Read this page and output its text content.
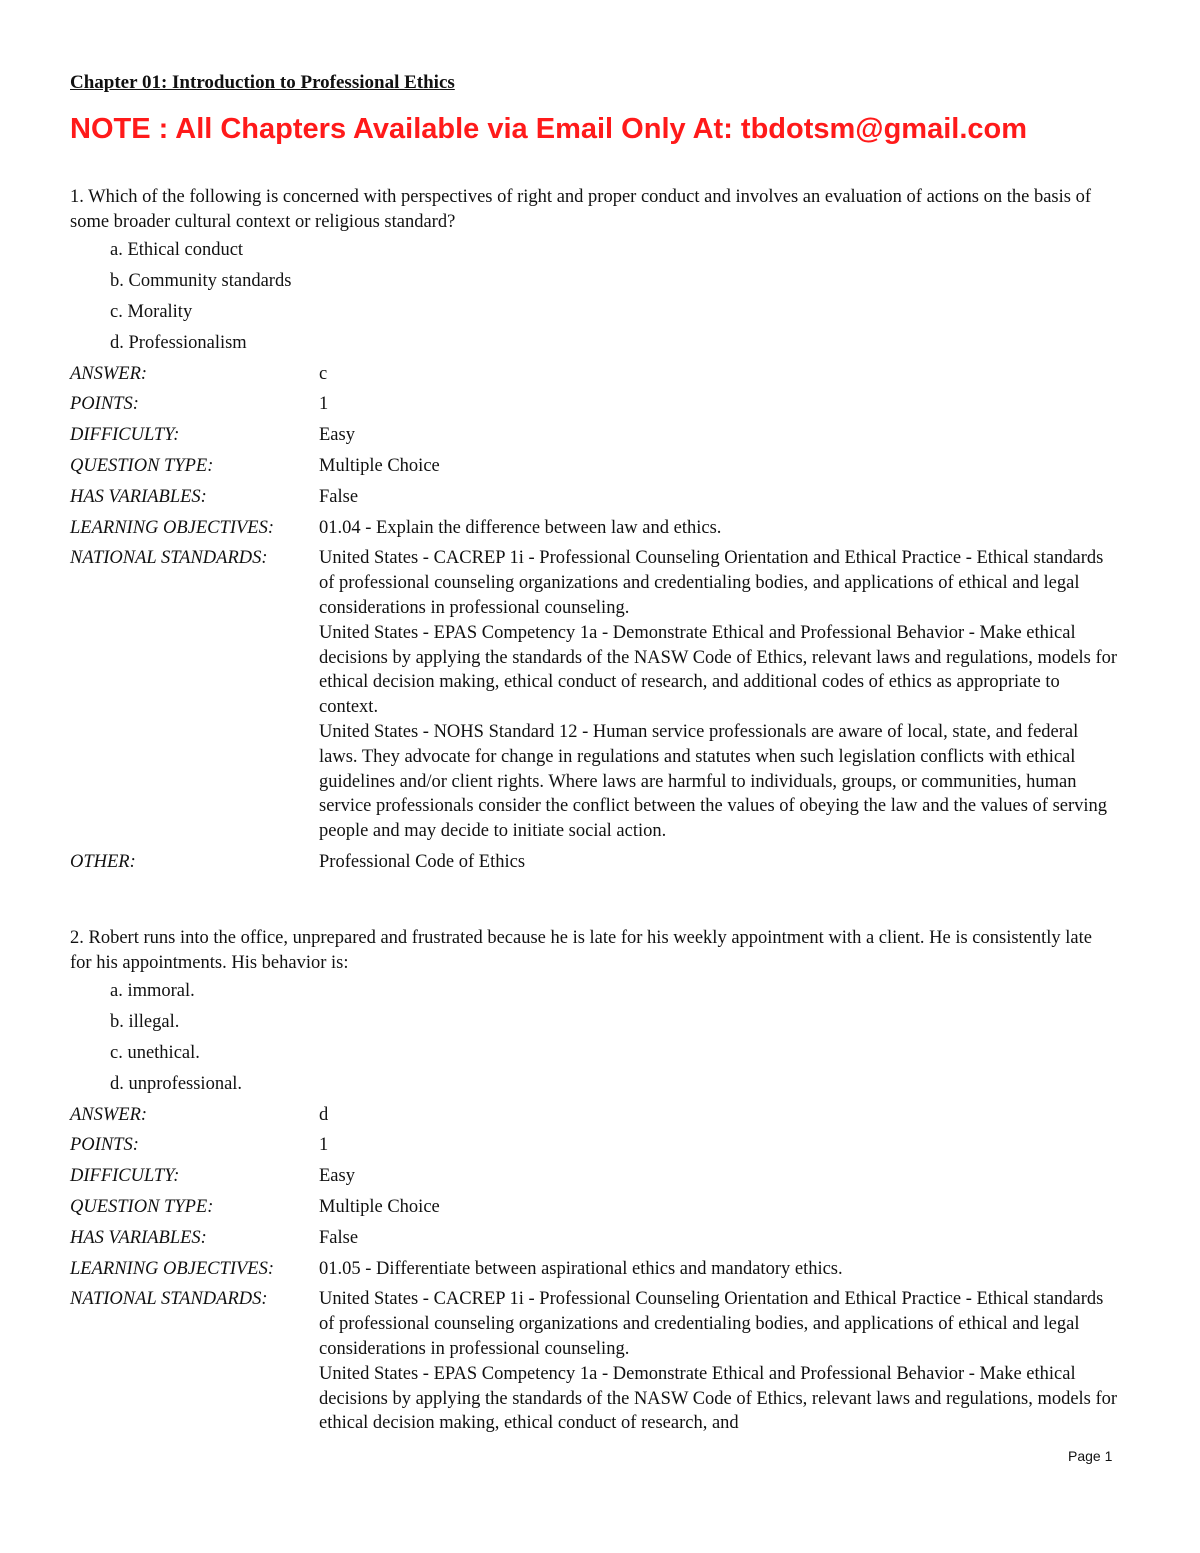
Chapter 01: Introduction to Professional Ethics
NOTE : All Chapters Available via Email Only At: tbdotsm@gmail.com

1. Which of the following is concerned with perspectives of right and proper conduct and involves an evaluation of actions on the basis of some broader cultural context or religious standard?

a. Ethical conduct
b. Community standards
c. Morality
d. Professionalism
ANSWER:	c
POINTS:	1
DIFFICULTY:	Easy
QUESTION TYPE:	Multiple Choice
HAS VARIABLES:	False
LEARNING OBJECTIVES:	01.04 - Explain the difference between law and ethics.
NATIONAL STANDARDS:	United States - CACREP 1i - Professional Counseling Orientation and Ethical Practice - Ethical standards of professional counseling organizations and credentialing bodies, and applications of ethical and legal considerations in professional counseling.
United States - EPAS Competency 1a - Demonstrate Ethical and Professional Behavior - Make ethical decisions by applying the standards of the NASW Code of Ethics, relevant laws and regulations, models for ethical decision making, ethical conduct of research, and additional codes of ethics as appropriate to context.
United States - NOHS Standard 12 - Human service professionals are aware of local, state, and federal laws. They advocate for change in regulations and statutes when such legislation conflicts with ethical guidelines and/or client rights. Where laws are harmful to individuals, groups, or communities, human service professionals consider the conflict between the values of obeying the law and the values of serving people and may decide to initiate social action.
OTHER:	Professional Code of Ethics

2. Robert runs into the office, unprepared and frustrated because he is late for his weekly appointment with a client. He is consistently late for his appointments. His behavior is:

a. immoral.
b. illegal.
c. unethical.
d. unprofessional.
ANSWER:	d
POINTS:	1
DIFFICULTY:	Easy
QUESTION TYPE:	Multiple Choice
HAS VARIABLES:	False
LEARNING OBJECTIVES:	01.05 - Differentiate between aspirational ethics and mandatory ethics.
NATIONAL STANDARDS:	United States - CACREP 1i - Professional Counseling Orientation and Ethical Practice - Ethical standards of professional counseling organizations and credentialing bodies, and applications of ethical and legal considerations in professional counseling.
United States - EPAS Competency 1a - Demonstrate Ethical and Professional Behavior - Make ethical decisions by applying the standards of the NASW Code of Ethics, relevant laws and regulations, models for ethical decision making, ethical conduct of research, and
Page 1
